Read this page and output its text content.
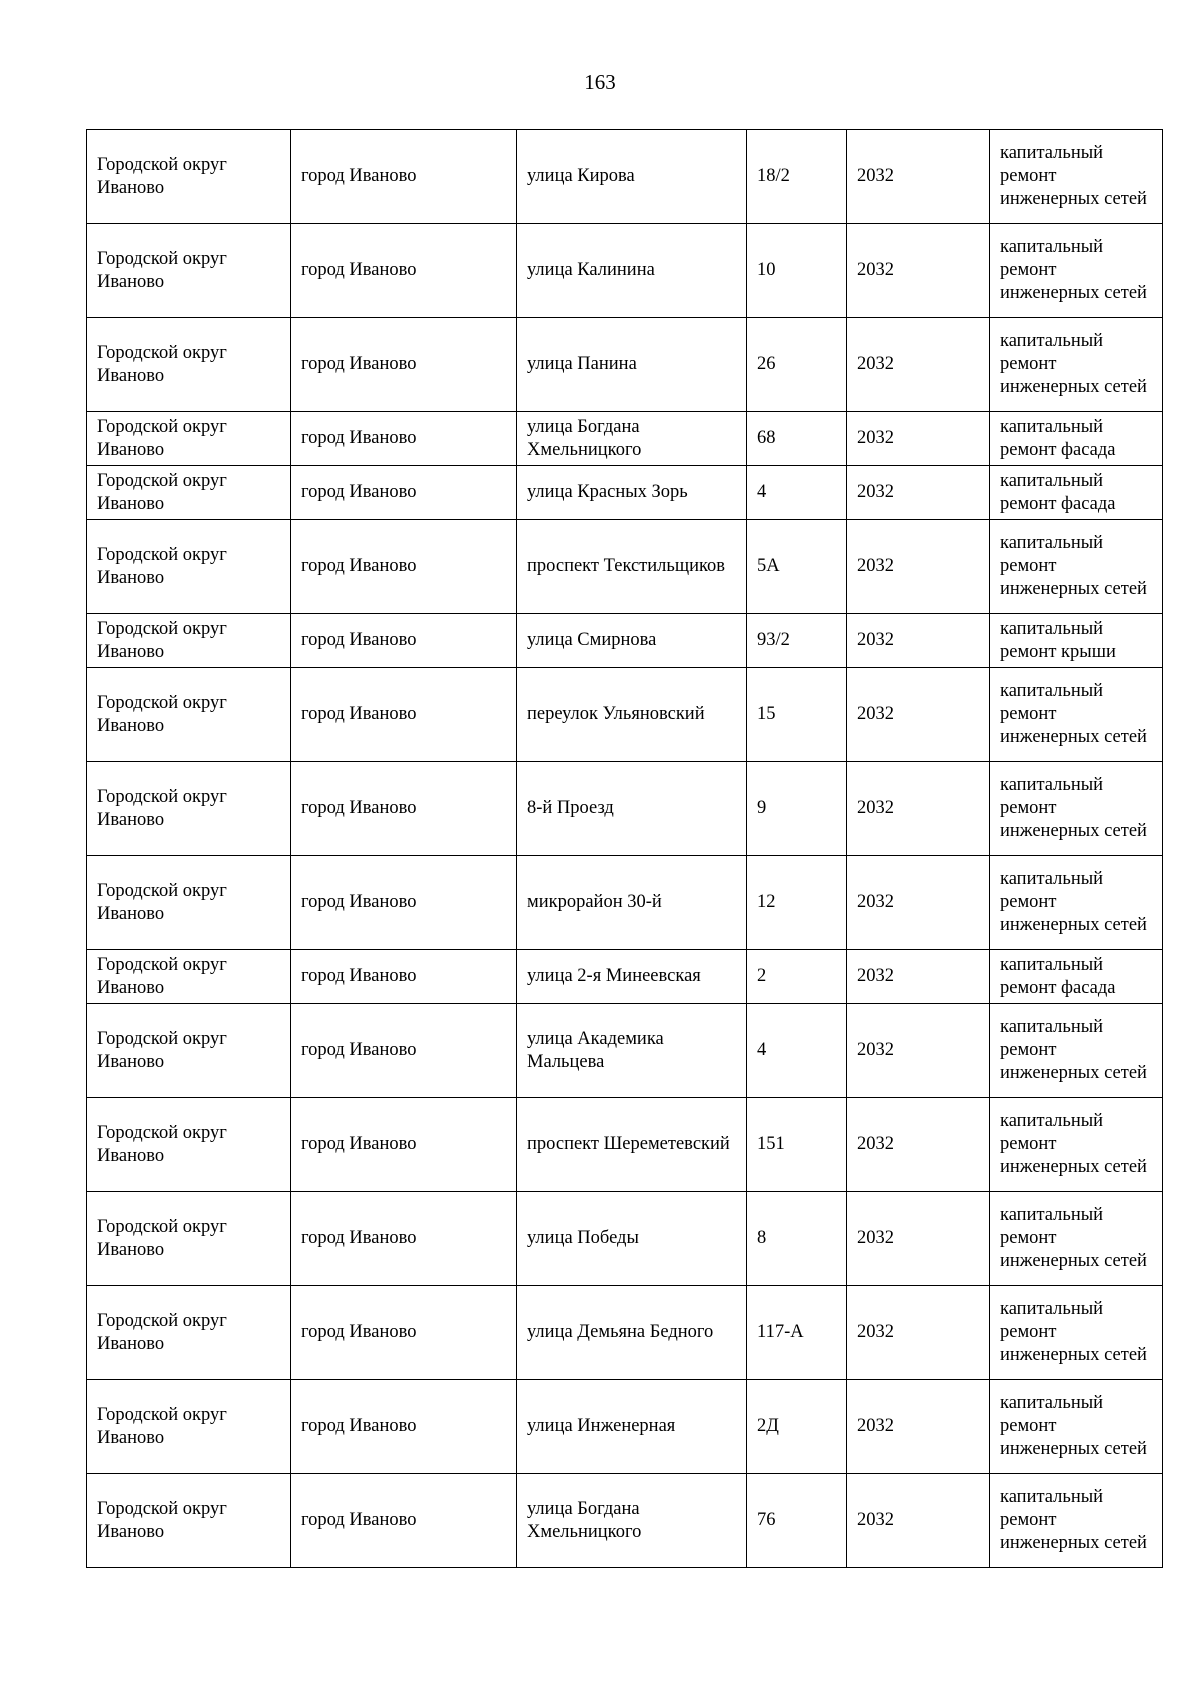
163
Городской округ Иваново	город Иваново	улица Кирова	18/2	2032	капитальный ремонт инженерных сетей
Городской округ Иваново	город Иваново	улица Калинина	10	2032	капитальный ремонт инженерных сетей
Городской округ Иваново	город Иваново	улица Панина	26	2032	капитальный ремонт инженерных сетей
Городской округ Иваново	город Иваново	улица Богдана Хмельницкого	68	2032	капитальный ремонт фасада
Городской округ Иваново	город Иваново	улица Красных Зорь	4	2032	капитальный ремонт фасада
Городской округ Иваново	город Иваново	проспект Текстильщиков	5А	2032	капитальный ремонт инженерных сетей
Городской округ Иваново	город Иваново	улица Смирнова	93/2	2032	капитальный ремонт крыши
Городской округ Иваново	город Иваново	переулок Ульяновский	15	2032	капитальный ремонт инженерных сетей
Городской округ Иваново	город Иваново	8-й Проезд	9	2032	капитальный ремонт инженерных сетей
Городской округ Иваново	город Иваново	микрорайон 30-й	12	2032	капитальный ремонт инженерных сетей
Городской округ Иваново	город Иваново	улица 2-я Минеевская	2	2032	капитальный ремонт фасада
Городской округ Иваново	город Иваново	улица Академика Мальцева	4	2032	капитальный ремонт инженерных сетей
Городской округ Иваново	город Иваново	проспект Шереметевский	151	2032	капитальный ремонт инженерных сетей
Городской округ Иваново	город Иваново	улица Победы	8	2032	капитальный ремонт инженерных сетей
Городской округ Иваново	город Иваново	улица Демьяна Бедного	117-А	2032	капитальный ремонт инженерных сетей
Городской округ Иваново	город Иваново	улица Инженерная	2Д	2032	капитальный ремонт инженерных сетей
Городской округ Иваново	город Иваново	улица Богдана Хмельницкого	76	2032	капитальный ремонт инженерных сетей
